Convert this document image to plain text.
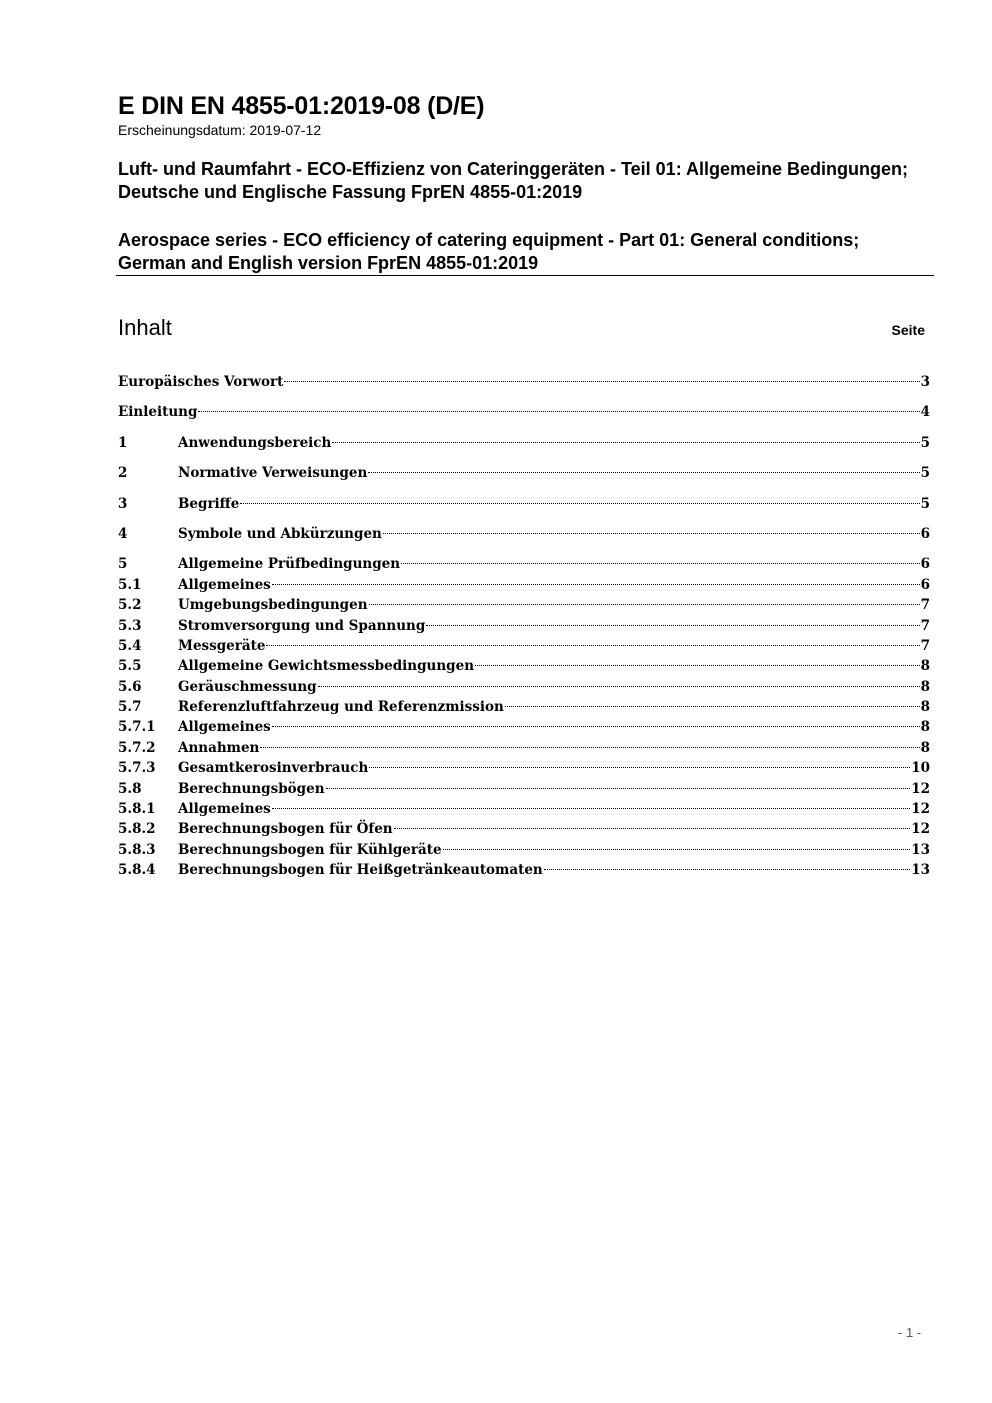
E DIN EN 4855-01:2019-08 (D/E)
Erscheinungsdatum: 2019-07-12
Luft- und Raumfahrt - ECO-Effizienz von Cateringgeräten - Teil 01: Allgemeine Bedingungen; Deutsche und Englische Fassung FprEN 4855-01:2019
Aerospace series - ECO efficiency of catering equipment - Part 01: General conditions; German and English version FprEN 4855-01:2019
Inhalt	Seite
Europäisches Vorwort	3
Einleitung	4
1	Anwendungsbereich	5
2	Normative Verweisungen	5
3	Begriffe	5
4	Symbole und Abkürzungen	6
5	Allgemeine Prüfbedingungen	6
5.1	Allgemeines	6
5.2	Umgebungsbedingungen	7
5.3	Stromversorgung und Spannung	7
5.4	Messgeräte	7
5.5	Allgemeine Gewichtsmessbedingungen	8
5.6	Geräuschmessung	8
5.7	Referenzluftfahrzeug und Referenzmission	8
5.7.1	Allgemeines	8
5.7.2	Annahmen	8
5.7.3	Gesamtkerosinverbrauch	10
5.8	Berechnungsbögen	12
5.8.1	Allgemeines	12
5.8.2	Berechnungsbogen für Öfen	12
5.8.3	Berechnungsbogen für Kühlgeräte	13
5.8.4	Berechnungsbogen für Heißgetränkeautomaten	13
- 1 -
